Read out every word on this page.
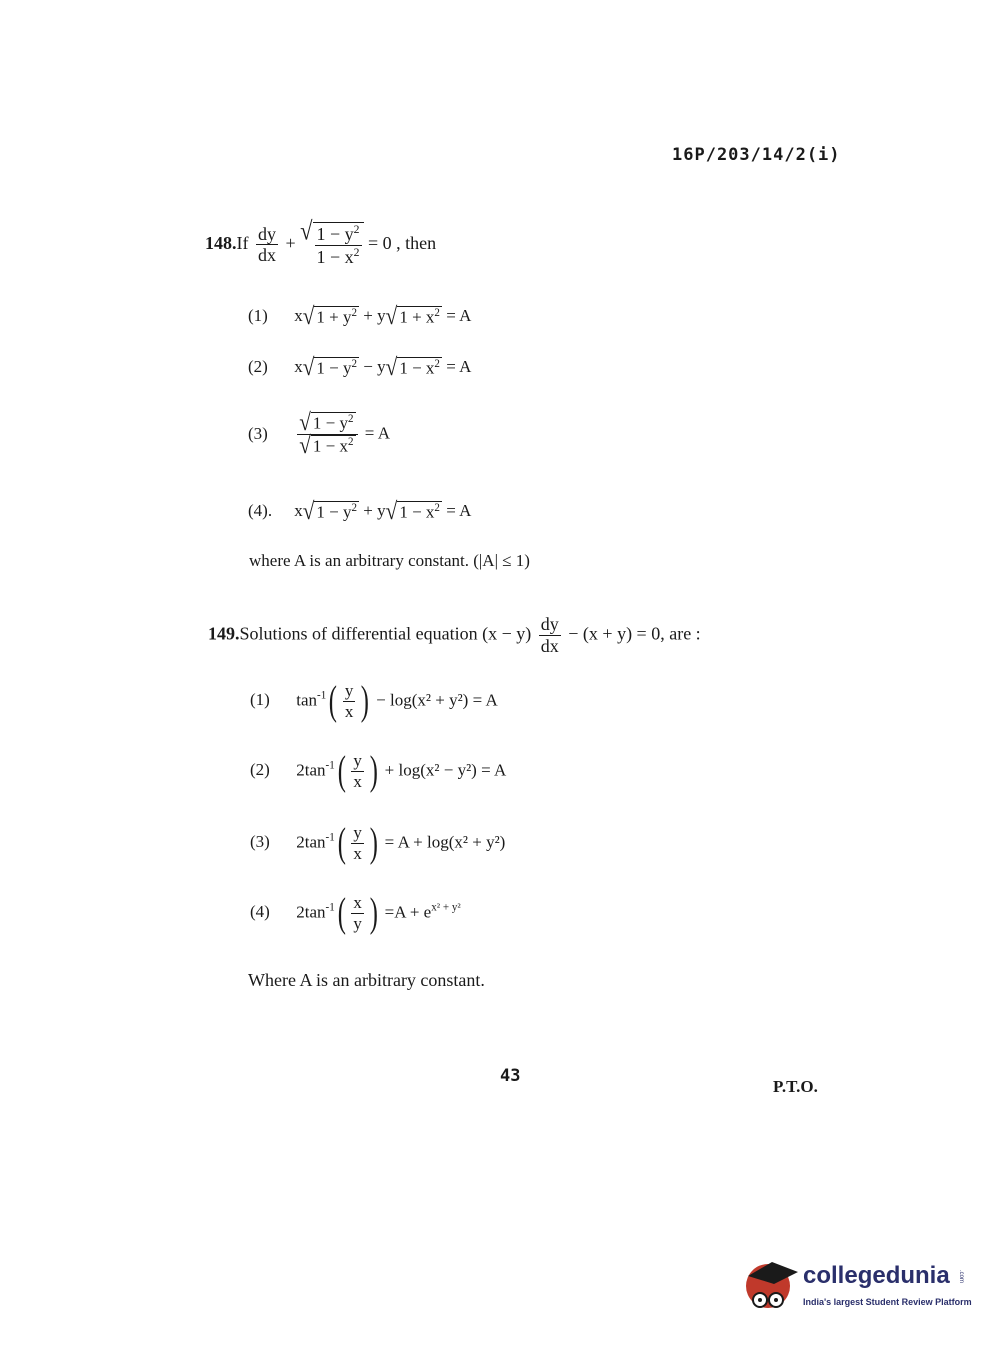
16P/203/14/2(i)
$148.If \frac{dy}{dx}$ + √ $\frac{1 - y^2}{1 - x^2} = 0$ , then
(1) x √ $1 + y^2 + y$ √ $1 + x^2 = A$
(2) x √ $1 - y^2 - y$ √ $1 - x^2 = A$
$(3) \frac{√ 1 - y^2}{√ 1 - x^2} = A$
(4). x √ $1 - y^2 + y$ √ $1 - x^2 = A$
where A is an arbitrary constant. (|A| ≤ 1)
149.Solutions of differential equation $(x - y) \frac{dy}{dx} - (x + y) = 0$, are :
(1) $\tan^{-1}$ ( $\frac{y}{x}$ ) − log(x² + y²) = A
(2) $2\tan^{-1}$ ( $\frac{y}{x}$ ) + log(x² − y²) = A
(3) $2\tan^{-1}$ ( $\frac{y}{x}$ ) = A + log(x² + y²)
(4) $2\tan^{-1}$ ( $\frac{x}{y}$ ) $=A + e^{x^2 + y^2}$
Where A is an arbitrary constant.
43
P.T.O.
collegedunia .com
India's largest Student Review Platform
